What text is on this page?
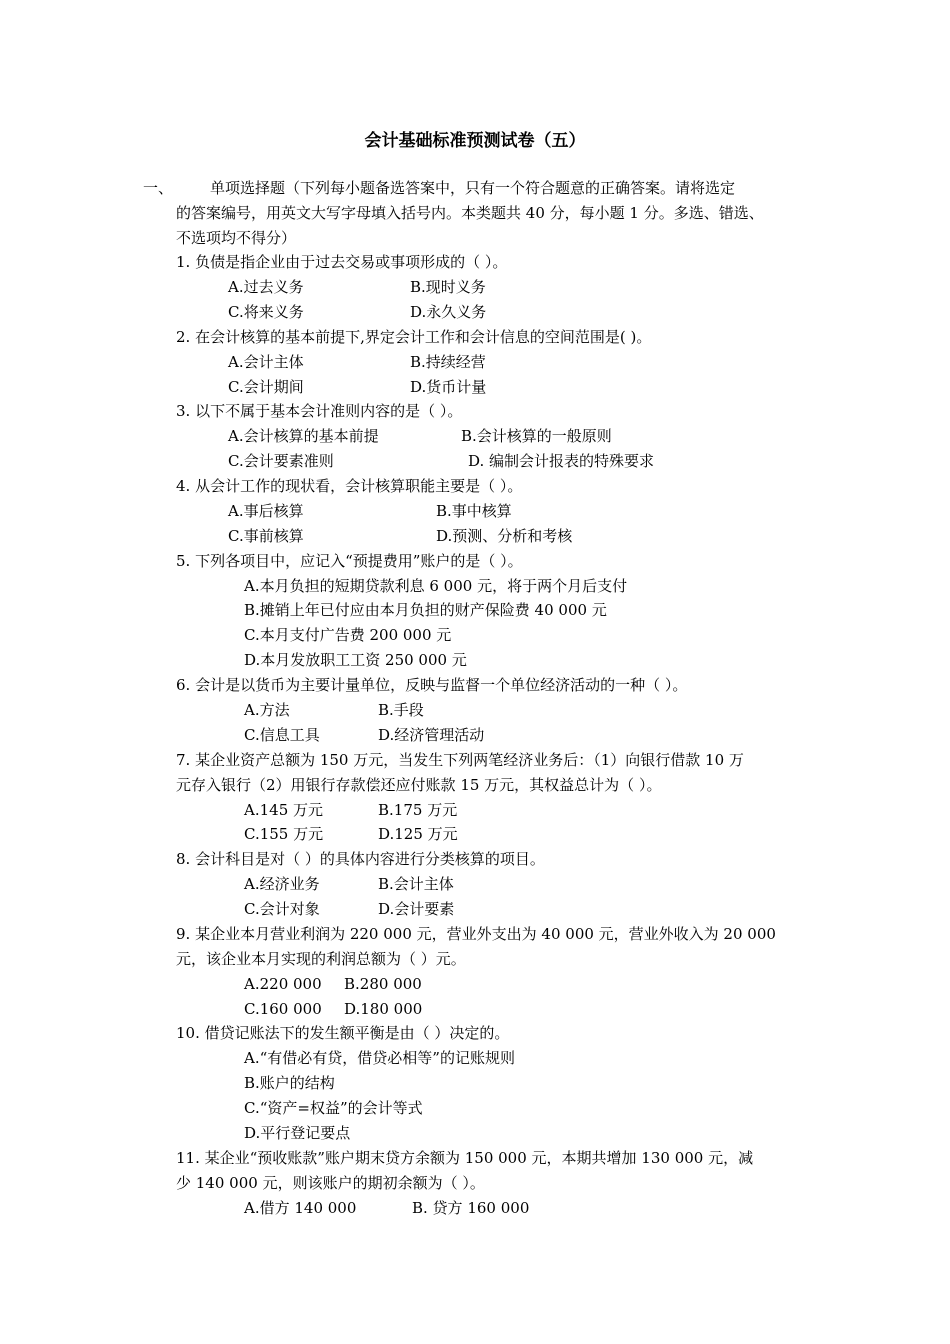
会计基础标准预测试卷（五）
一、 单项选择题（下列每小题备选答案中，只有一个符合题意的正确答案。请将选定
的答案编号，用英文大写字母填入括号内。本类题共 40 分，每小题 1 分。多选、错选、
不选项均不得分）
1. 负债是指企业由于过去交易或事项形成的（ ）。
A.过去义务	B.现时义务
C.将来义务	D.永久义务
2. 在会计核算的基本前提下,界定会计工作和会计信息的空间范围是( )。
A.会计主体	B.持续经营
C.会计期间	D.货币计量
3. 以下不属于基本会计准则内容的是（ ）。
A.会计核算的基本前提	B.会计核算的一般原则
C.会计要素准则	D. 编制会计报表的特殊要求
4. 从会计工作的现状看，会计核算职能主要是（ ）。
A.事后核算	B.事中核算
C.事前核算	D.预测、分析和考核
5. 下列各项目中，应记入“预提费用”账户的是（ ）。
A.本月负担的短期贷款利息 6 000 元，将于两个月后支付
B.摊销上年已付应由本月负担的财产保险费 40 000 元
C.本月支付广告费 200 000 元
D.本月发放职工工资 250 000 元
6. 会计是以货币为主要计量单位，反映与监督一个单位经济活动的一种（ ）。
A.方法	B.手段
C.信息工具	D.经济管理活动
7. 某企业资产总额为 150 万元，当发生下列两笔经济业务后：（1）向银行借款 10 万
元存入银行（2）用银行存款偿还应付账款 15 万元，其权益总计为（ ）。
A.145 万元	B.175 万元
C.155 万元	D.125 万元
8. 会计科目是对（ ）的具体内容进行分类核算的项目。
A.经济业务	B.会计主体
C.会计对象	D.会计要素
9. 某企业本月营业利润为 220 000 元，营业外支出为 40 000 元，营业外收入为 20 000
元，该企业本月实现的利润总额为（ ）元。
A.220 000 B.280 000
C.160 000 D.180 000
10. 借贷记账法下的发生额平衡是由（ ）决定的。
A.“有借必有贷，借贷必相等”的记账规则
B.账户的结构
C.“资产=权益”的会计等式
D.平行登记要点
11. 某企业“预收账款”账户期末贷方余额为 150 000 元，本期共增加 130 000 元，减
少 140 000 元，则该账户的期初余额为（ ）。
A.借方 140 000	B. 贷方 160 000
